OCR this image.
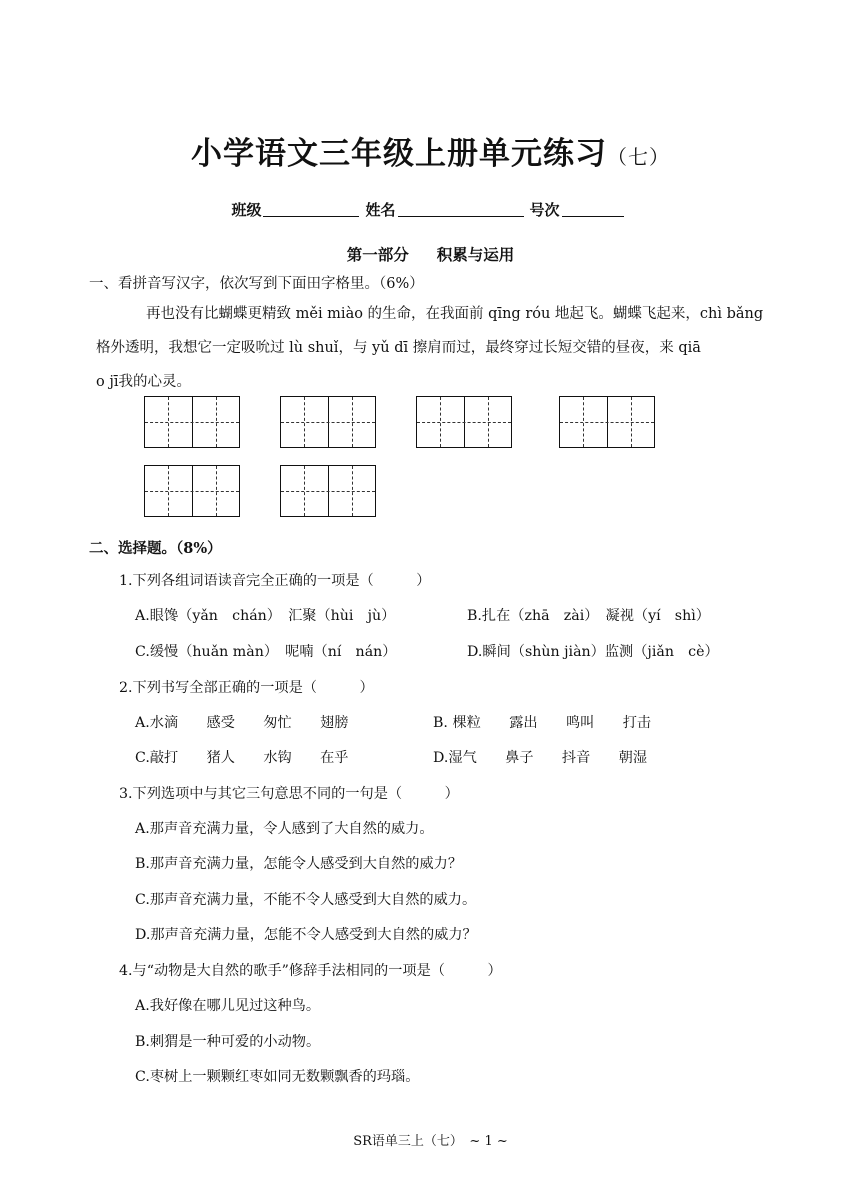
小学语文三年级上册单元练习（七）
班级	姓名	号次
第一部分 积累与运用
一、看拼音写汉字，依次写到下面田字格里。（6%）
再也没有比蝴蝶更精致 měi miào 的生命，在我面前 qīng róu 地起飞。蝴蝶飞起来，chì bǎng
格外透明，我想它一定吸吮过 lù shuǐ，与 yǔ dī 擦肩而过，最终穿过长短交错的昼夜，来 qiā
o jī我的心灵。
二、选择题。（8%）
1.下列各组词语读音完全正确的一项是（　　　）
A.眼馋（yǎn　chán）　汇聚（hùi　jù）	B.扎在（zhā　zài）　凝视（yí　shì）
C.缓慢（huǎn màn）　呢喃（ní　nán）	D.瞬间（shùn jiàn）监测（jiǎn　cè）
2.下列书写全部正确的一项是（　　　）
A.水滴　　感受　　匆忙　　翅膀	B. 棵粒　　露出　　鸣叫　　打击
C.敲打　　猪人　　水钩　　在乎	D.湿气　　鼻子　　抖音　　朝湿
3.下列选项中与其它三句意思不同的一句是（　　　）
A.那声音充满力量，令人感到了大自然的威力。
B.那声音充满力量，怎能令人感受到大自然的威力？
C.那声音充满力量，不能不令人感受到大自然的威力。
D.那声音充满力量，怎能不令人感受到大自然的威力？
4.与“动物是大自然的歌手”修辞手法相同的一项是（　　　）
A.我好像在哪儿见过这种鸟。
B.刺猬是一种可爱的小动物。
C.枣树上一颗颗红枣如同无数颗飘香的玛瑙。
SR语单三上（七）　~ 1 ~
